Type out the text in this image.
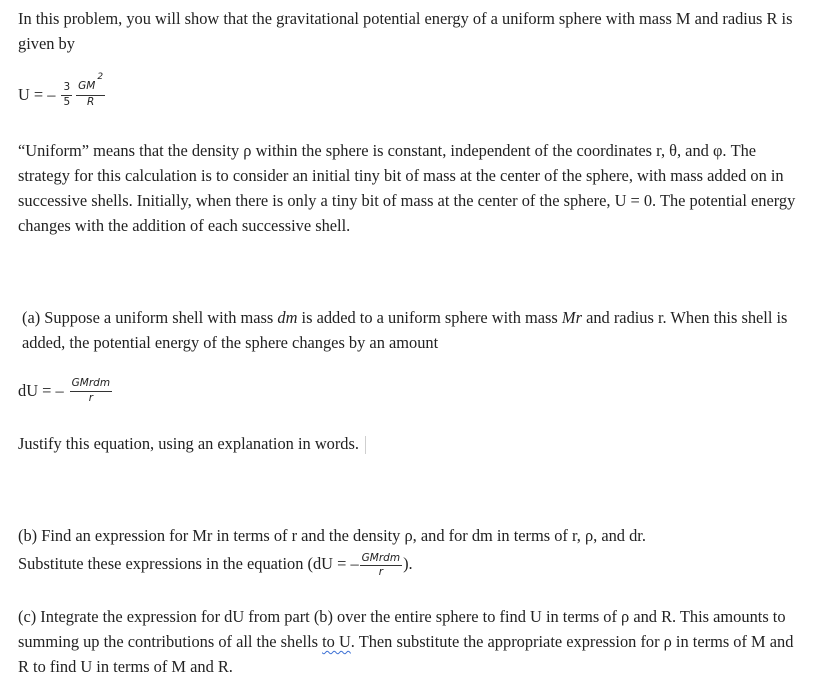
In this problem, you will show that the gravitational potential energy of a uniform sphere with mass M and radius R is given by

U = – $\frac{3}{5} \frac{GM2}{R}$

“Uniform” means that the density ρ within the sphere is constant, independent of the coordinates r, θ, and φ. The strategy for this calculation is to consider an initial tiny bit of mass at the center of the sphere, with mass added on in successive shells. Initially, when there is only a tiny bit of mass at the center of the sphere, U = 0. The potential energy changes with the addition of each successive shell.

(a) Suppose a uniform shell with mass dm is added to a uniform sphere with mass Mr and radius r. When this shell is added, the potential energy of the sphere changes by an amount

dU = – $\frac{\text{GMrdm}}{r}$

Justify this equation, using an explanation in words.

(b) Find an expression for Mr in terms of r and the density ρ, and for dm in terms of r, ρ, and dr.

Substitute these expressions in the equation (dU = – $\frac{\text{GMrdm}}{r}$ ).

(c) Integrate the expression for dU from part (b) over the entire sphere to find U in terms of ρ and R. This amounts to summing up the contributions of all the shells to U. Then substitute the appropriate expression for ρ in terms of M and R to find U in terms of M and R.
